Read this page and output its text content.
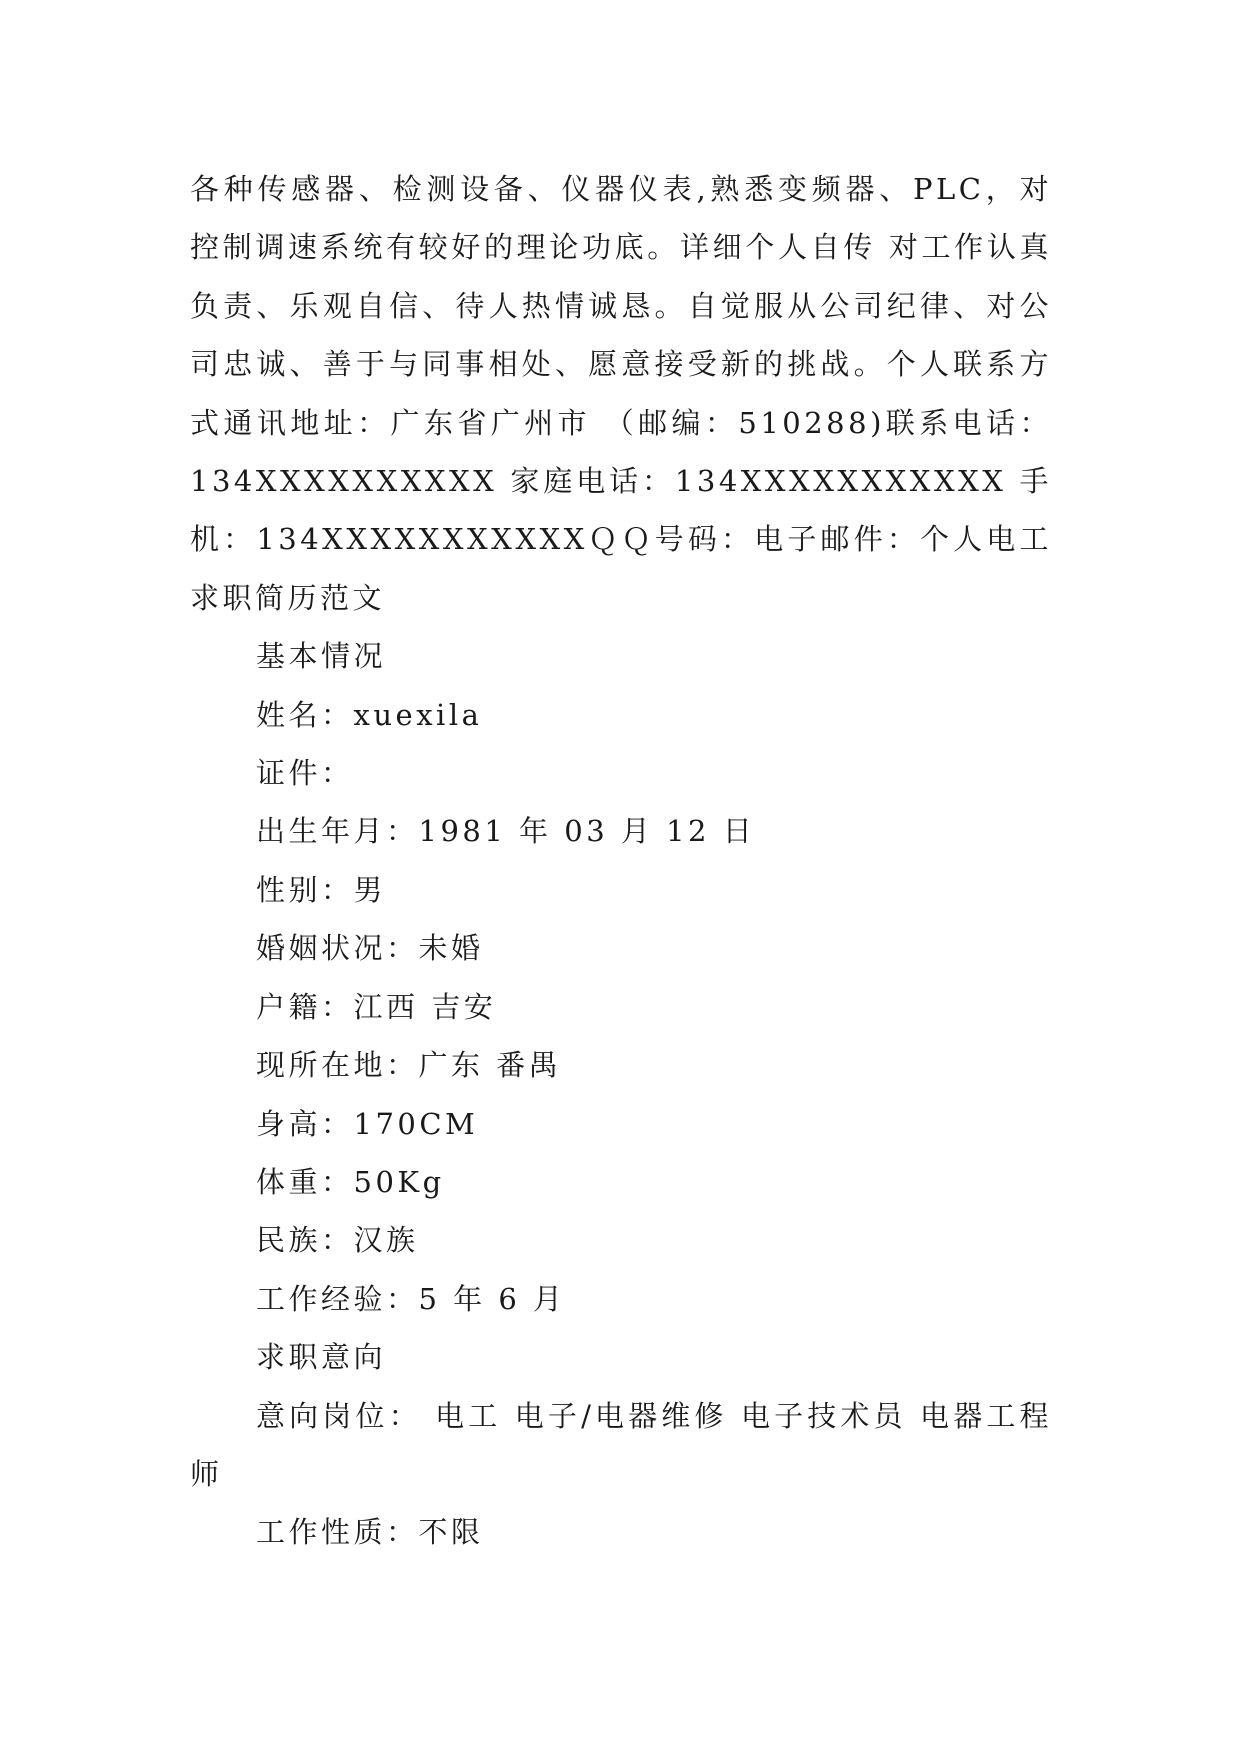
各种传感器、检测设备、仪器仪表,熟悉变频器、PLC，对控制调速系统有较好的理论功底。详细个人自传 对工作认真负责、乐观自信、待人热情诚恳。自觉服从公司纪律、对公司忠诚、善于与同事相处、愿意接受新的挑战。个人联系方式通讯地址：广东省广州市 （邮编：510288)联系电话：134XXXXXXXXXX 家庭电话：134XXXXXXXXXXX 手机：134XXXXXXXXXXXＱＱ号码：电子邮件：个人电工求职简历范文

基本情况

姓名：xuexila

证件：

出生年月：1981 年 03 月 12 日

性别：男

婚姻状况：未婚

户籍：江西 吉安

现所在地：广东 番禺

身高：170CM

体重：50Kg

民族：汉族

工作经验：5 年 6 月

求职意向

意向岗位： 电工 电子/电器维修 电子技术员 电器工程师

工作性质：不限
